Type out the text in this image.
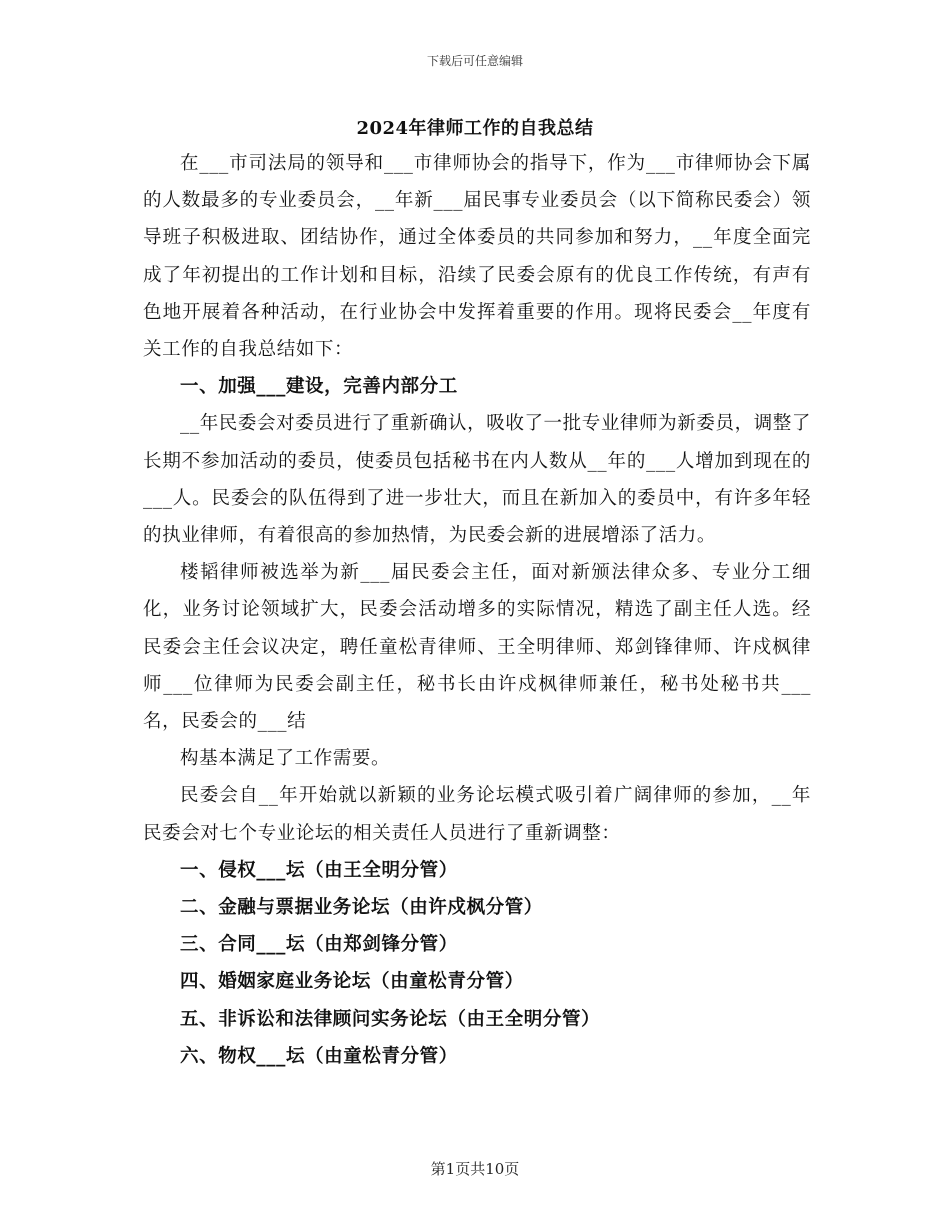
下载后可任意编辑
2024年律师工作的自我总结

在___市司法局的领导和___市律师协会的指导下，作为___市律师协会下属的人数最多的专业委员会，__年新___届民事专业委员会（以下简称民委会）领导班子积极进取、团结协作，通过全体委员的共同参加和努力，__年度全面完成了年初提出的工作计划和目标，沿续了民委会原有的优良工作传统，有声有色地开展着各种活动，在行业协会中发挥着重要的作用。现将民委会__年度有关工作的自我总结如下：

一、加强___建设，完善内部分工

__年民委会对委员进行了重新确认，吸收了一批专业律师为新委员，调整了长期不参加活动的委员，使委员包括秘书在内人数从__年的___人增加到现在的___人。民委会的队伍得到了进一步壮大，而且在新加入的委员中，有许多年轻的执业律师，有着很高的参加热情，为民委会新的进展增添了活力。

楼韬律师被选举为新___届民委会主任，面对新颁法律众多、专业分工细化，业务讨论领域扩大，民委会活动增多的实际情况，精选了副主任人选。经民委会主任会议决定，聘任童松青律师、王全明律师、郑剑锋律师、许戍枫律师___位律师为民委会副主任，秘书长由许戍枫律师兼任，秘书处秘书共___名，民委会的___结

构基本满足了工作需要。

民委会自__年开始就以新颖的业务论坛模式吸引着广阔律师的参加，__年民委会对七个专业论坛的相关责任人员进行了重新调整：

一、侵权___坛（由王全明分管）

二、金融与票据业务论坛（由许戍枫分管）

三、合同___坛（由郑剑锋分管）

四、婚姻家庭业务论坛（由童松青分管）

五、非诉讼和法律顾问实务论坛（由王全明分管）

六、物权___坛（由童松青分管）

第1页共10页
